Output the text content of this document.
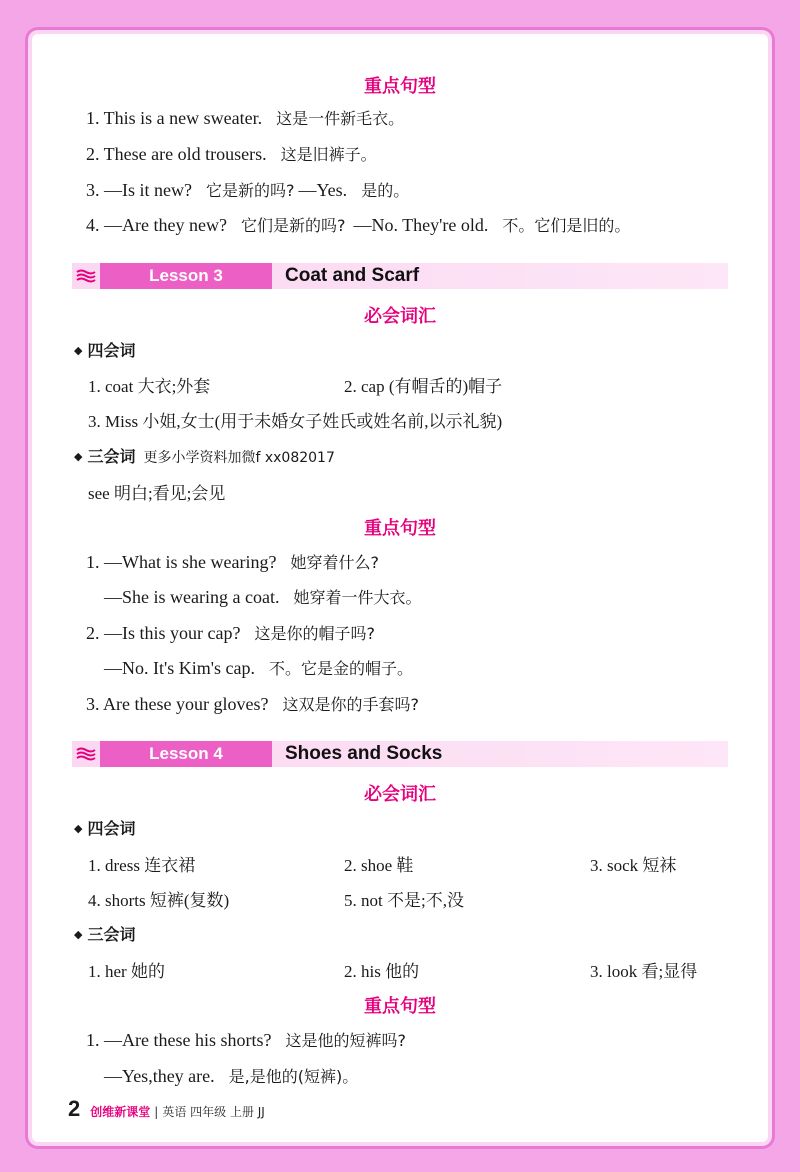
重点句型
1. This is a new sweater. 这是一件新毛衣。
2. These are old trousers. 这是旧裤子。
3. —Is it new? 它是新的吗? —Yes. 是的。
4. —Are they new? 它们是新的吗? —No. They're old. 不。它们是旧的。
Lesson 3	Coat and Scarf
必会词汇
◆ 四会词
1. coat 大衣;外套	2. cap (有帽舌的)帽子
3. Miss 小姐,女士(用于未婚女子姓氏或姓名前,以示礼貌)
◆ 三会词 更多小学资料加微f xx082017
see 明白;看见;会见
重点句型
1. —What is she wearing? 她穿着什么?
—She is wearing a coat. 她穿着一件大衣。
2. —Is this your cap? 这是你的帽子吗?
—No. It's Kim's cap. 不。它是金的帽子。
3. Are these your gloves? 这双是你的手套吗?
Lesson 4	Shoes and Socks
必会词汇
◆ 四会词
1. dress 连衣裙	2. shoe 鞋	3. sock 短袜
4. shorts 短裤(复数)	5. not 不是;不,没
◆ 三会词
1. her 她的	2. his 他的	3. look 看;显得
重点句型
1. —Are these his shorts? 这是他的短裤吗?
—Yes,they are. 是,是他的(短裤)。
2 创维新课堂 | 英语 四年级 上册 JJ
